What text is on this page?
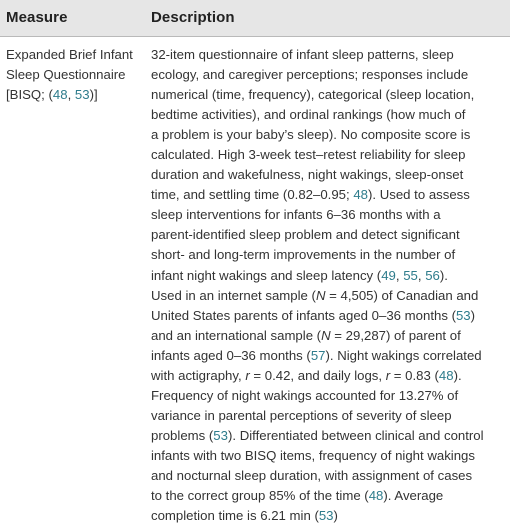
Measure	Description
Expanded Brief Infant
Sleep Questionnaire
[BISQ; (48, 53)]
32-item questionnaire of infant sleep patterns, sleep
ecology, and caregiver perceptions; responses include
numerical (time, frequency), categorical (sleep location,
bedtime activities), and ordinal rankings (how much of
a problem is your baby’s sleep). No composite score is
calculated. High 3-week test–retest reliability for sleep
duration and wakefulness, night wakings, sleep-onset
time, and settling time (0.82–0.95; 48). Used to assess
sleep interventions for infants 6–36 months with a
parent-identified sleep problem and detect significant
short- and long-term improvements in the number of
infant night wakings and sleep latency (49, 55, 56).
Used in an internet sample (N = 4,505) of Canadian and
United States parents of infants aged 0–36 months (53)
and an international sample (N = 29,287) of parent of
infants aged 0–36 months (57). Night wakings correlated
with actigraphy, r = 0.42, and daily logs, r = 0.83 (48).
Frequency of night wakings accounted for 13.27% of
variance in parental perceptions of severity of sleep
problems (53). Differentiated between clinical and control
infants with two BISQ items, frequency of night wakings
and nocturnal sleep duration, with assignment of cases
to the correct group 85% of the time (48). Average
completion time is 6.21 min (53)
